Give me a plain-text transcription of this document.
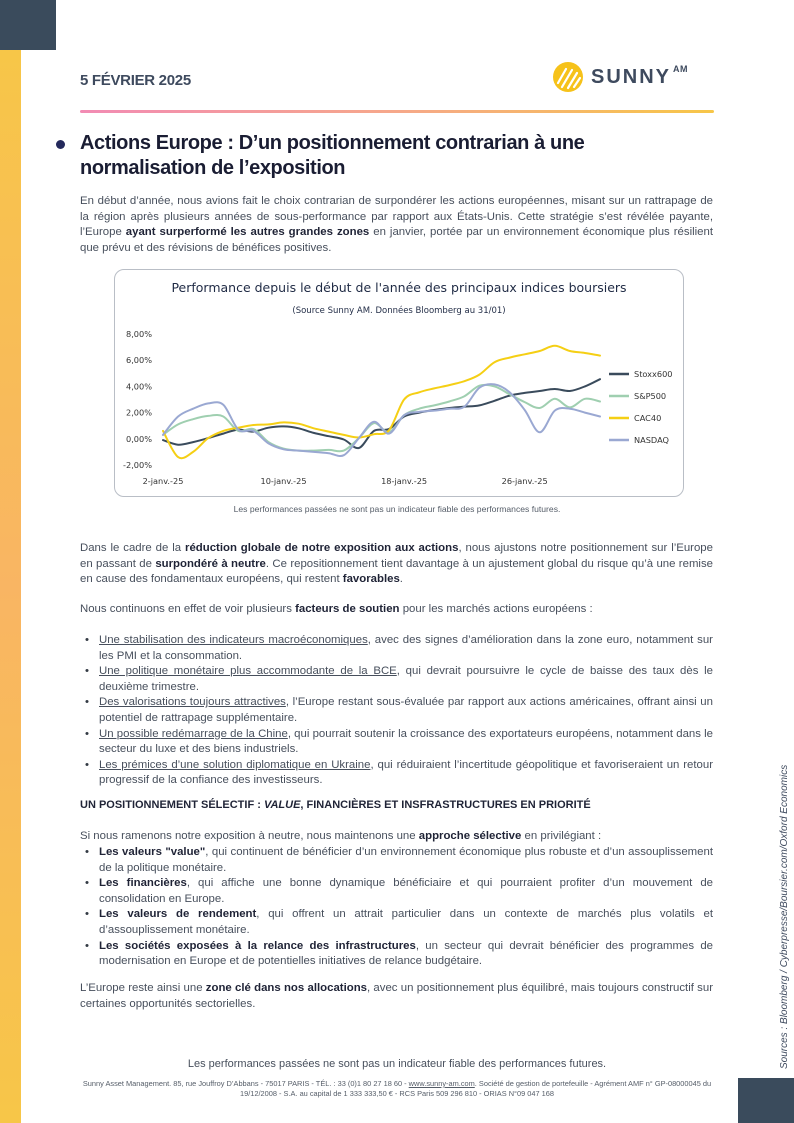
5 FÉVRIER 2025	SUNNY AM
Actions Europe : D’un positionnement contrarian à une normalisation de l’exposition
En début d’année, nous avions fait le choix contrarian de surpondérer les actions européennes, misant sur un rattrapage de la région après plusieurs années de sous-performance par rapport aux États-Unis. Cette stratégie s’est révélée payante, l’Europe ayant surperformé les autres grandes zones en janvier, portée par un environnement économique plus résilient que prévu et des révisions de bénéfices positives.
Performance depuis le début de l'année des principaux indices boursiers
(Source Sunny AM. Données Bloomberg au 31/01)
8,00%
6,00%
4,00%
2,00%
0,00%
-2,00%
2-janv.-25	10-janv.-25	18-janv.-25	26-janv.-25
Stoxx600
S&P500
CAC40
NASDAQ
Les performances passées ne sont pas un indicateur fiable des performances futures.
Dans le cadre de la réduction globale de notre exposition aux actions, nous ajustons notre positionnement sur l’Europe en passant de surpondéré à neutre. Ce repositionnement tient davantage à un ajustement global du risque qu’à une remise en cause des fondamentaux européens, qui restent favorables.
Nous continuons en effet de voir plusieurs facteurs de soutien pour les marchés actions européens :
• Une stabilisation des indicateurs macroéconomiques, avec des signes d’amélioration dans la zone euro, notamment sur les PMI et la consommation.
• Une politique monétaire plus accommodante de la BCE, qui devrait poursuivre le cycle de baisse des taux dès le deuxième trimestre.
• Des valorisations toujours attractives, l’Europe restant sous-évaluée par rapport aux actions américaines, offrant ainsi un potentiel de rattrapage supplémentaire.
• Un possible redémarrage de la Chine, qui pourrait soutenir la croissance des exportateurs européens, notamment dans le secteur du luxe et des biens industriels.
• Les prémices d’une solution diplomatique en Ukraine, qui réduiraient l’incertitude géopolitique et favoriseraient un retour progressif de la confiance des investisseurs.
UN POSITIONNEMENT SÉLECTIF : VALUE, FINANCIÈRES ET INSFRASTRUCTURES EN PRIORITÉ
Si nous ramenons notre exposition à neutre, nous maintenons une approche sélective en privilégiant :
• Les valeurs "value", qui continuent de bénéficier d’un environnement économique plus robuste et d’un assouplissement de la politique monétaire.
• Les financières, qui affiche une bonne dynamique bénéficiaire et qui pourraient profiter d’un mouvement de consolidation en Europe.
• Les valeurs de rendement, qui offrent un attrait particulier dans un contexte de marchés plus volatils et d’assouplissement monétaire.
• Les sociétés exposées à la relance des infrastructures, un secteur qui devrait bénéficier des programmes de modernisation en Europe et de potentielles initiatives de relance budgétaire.
L’Europe reste ainsi une zone clé dans nos allocations, avec un positionnement plus équilibré, mais toujours constructif sur certaines opportunités sectorielles.	Sources : Bloomberg / Cyberpresse/Boursier.com/Oxford Economics
Les performances passées ne sont pas un indicateur fiable des performances futures.
Sunny Asset Management. 85, rue Jouffroy D’Abbans - 75017 PARIS - TÉL. : 33 (0)1 80 27 18 60 - www.sunny-am.com. Société de gestion de portefeuille - Agrément AMF n° GP-08000045 du 19/12/2008 - S.A. au capital de 1 333 333,50 € - RCS Paris 509 296 810 - ORIAS N°09 047 168
